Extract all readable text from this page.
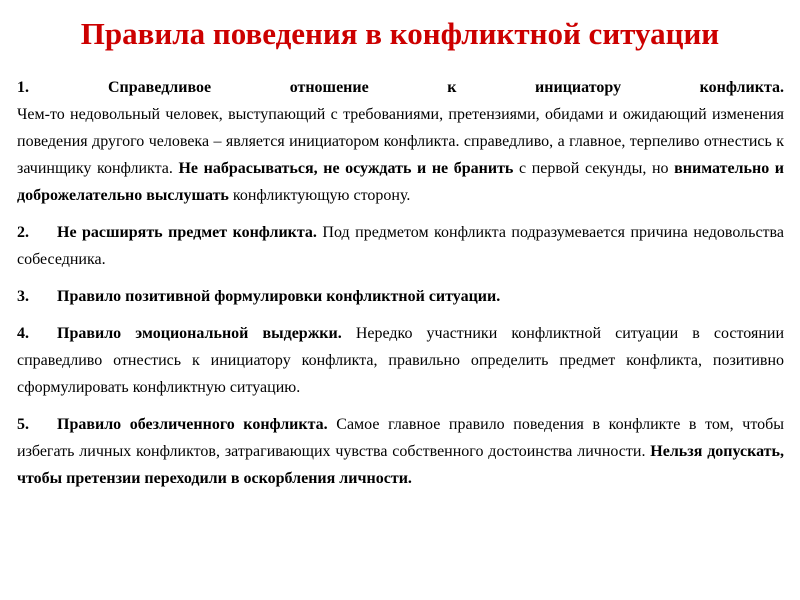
Правила поведения в конфликтной ситуации
1.	Справедливое отношение к инициатору конфликта.
Чем-то недовольный человек, выступающий с требованиями, претензиями, обидами и ожидающий изменения поведения другого человека – является инициатором конфликта. справедливо, а главное, терпеливо отнестись к зачинщику конфликта. Не набрасываться, не осуждать и не бранить с первой секунды, но внимательно и доброжелательно выслушать конфликтующую сторону.
2. Не расширять предмет конфликта. Под предметом конфликта подразумевается причина недовольства собеседника.
3. Правило позитивной формулировки конфликтной ситуации.
4. Правило эмоциональной выдержки. Нередко участники конфликтной ситуации в состоянии справедливо отнестись к инициатору конфликта, правильно определить предмет конфликта, позитивно сформулировать конфликтную ситуацию.
5. Правило обезличенного конфликта. Самое главное правило поведения в конфликте в том, чтобы избегать личных конфликтов, затрагивающих чувства собственного достоинства личности. Нельзя допускать, чтобы претензии переходили в оскорбления личности.
